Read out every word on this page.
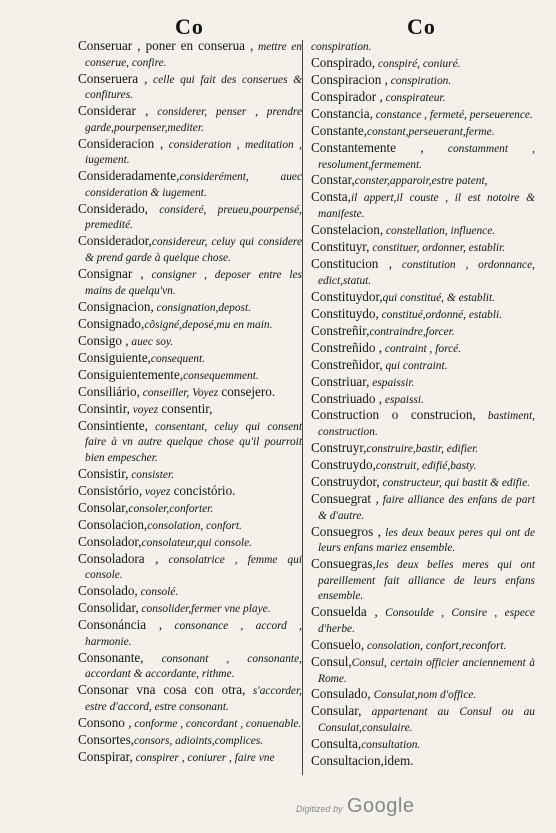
Co	Co

Conseruar , poner en conserua , mettre en conserue, confire.

Conseruera , celle qui fait des conserues & confitures.

Considerar , considerer, penser , prendre garde,pourpenser,mediter.

Consideracion , consideration , meditation , iugement.

Consideradamente,considerément, auec consideration & iugement.

Considerado, consideré, preueu,pourpensé, premedité.

Considerador,considereur, celuy qui considere & prend garde à quelque chose.

Consignar , consigner , deposer entre les mains de quelqu'vn.

Consignacion, consignation,depost.

Consignado,cõsigné,deposé,mu en main.

Consigo , auec soy.

Consiguiente,consequent.

Consiguientemente,consequemment.

Consiliário, conseiller, Voyez consejero.

Consintir, voyez consentir,

Consintiente, consentant, celuy qui consent faire à vn autre quelque chose qu'il pourroit bien empescher.

Consistir, consister.

Consistório, voyez concistório.

Consolar,consoler,conforter.

Consolacion,consolation, confort.

Consolador,consolateur,qui console.

Consoladora , consolatrice , femme qui console.

Consolado, consolé.

Consolidar, consolider,fermer vne playe.

Consonáncia , consonance , accord , harmonie.

Consonante, consonant , consonante, accordant & accordante, rithme.

Consonar vna cosa con otra, s'accorder, estre d'accord, estre consonant.

Consono , conforme , concordant , conuenable.

Consortes,consors, adioints,complices.

Conspirar, conspirer , coniurer , faire vne

conspiration.

Conspirado, conspiré, coniuré.

Conspiracion , conspiration.

Conspirador , conspirateur.

Constancia, constance , fermeté, perseuerence.

Constante,constant,perseuerant,ferme.

Constantemente , constamment , resolument,fermement.

Constar,conster,apparoir,estre patent,

Consta,il appert,il couste , il est notoire & manifeste.

Constelacion, constellation, influence.

Constituyr, constituer, ordonner, establir.

Constitucion , constitution , ordonnance, edict,statut.

Constituydor,qui constitué, & establit.

Constituydo, constitué,ordonné, establi.

Constreñir,contraindre,forcer.

Constreñido , contraint , forcé.

Constreñidor, qui contraint.

Constriuar, espaissir.

Constriuado , espaissi.

Construction o construcion, bastiment, construction.

Construyr,construire,bastir, edifier.

Construydo,construit, edifié,basty.

Construydor, constructeur, qui bastit & edifie.

Consuegrat , faire alliance des enfans de part & d'autre.

Consuegros , les deux beaux peres qui ont de leurs enfans mariez ensemble.

Consuegras,les deux belles meres qui ont pareillement fait alliance de leurs enfans ensemble.

Consuelda , Consoulde , Consire , espece d'herbe.

Consuelo, consolation, confort,reconfort.

Consul,Consul, certain officier anciennement à Rome.

Consulado, Consulat,nom d'office.

Consular, appartenant au Consul ou au Consulat,consulaire.

Consulta,consultation.

Consultacion,idem.

Digitized by Google
